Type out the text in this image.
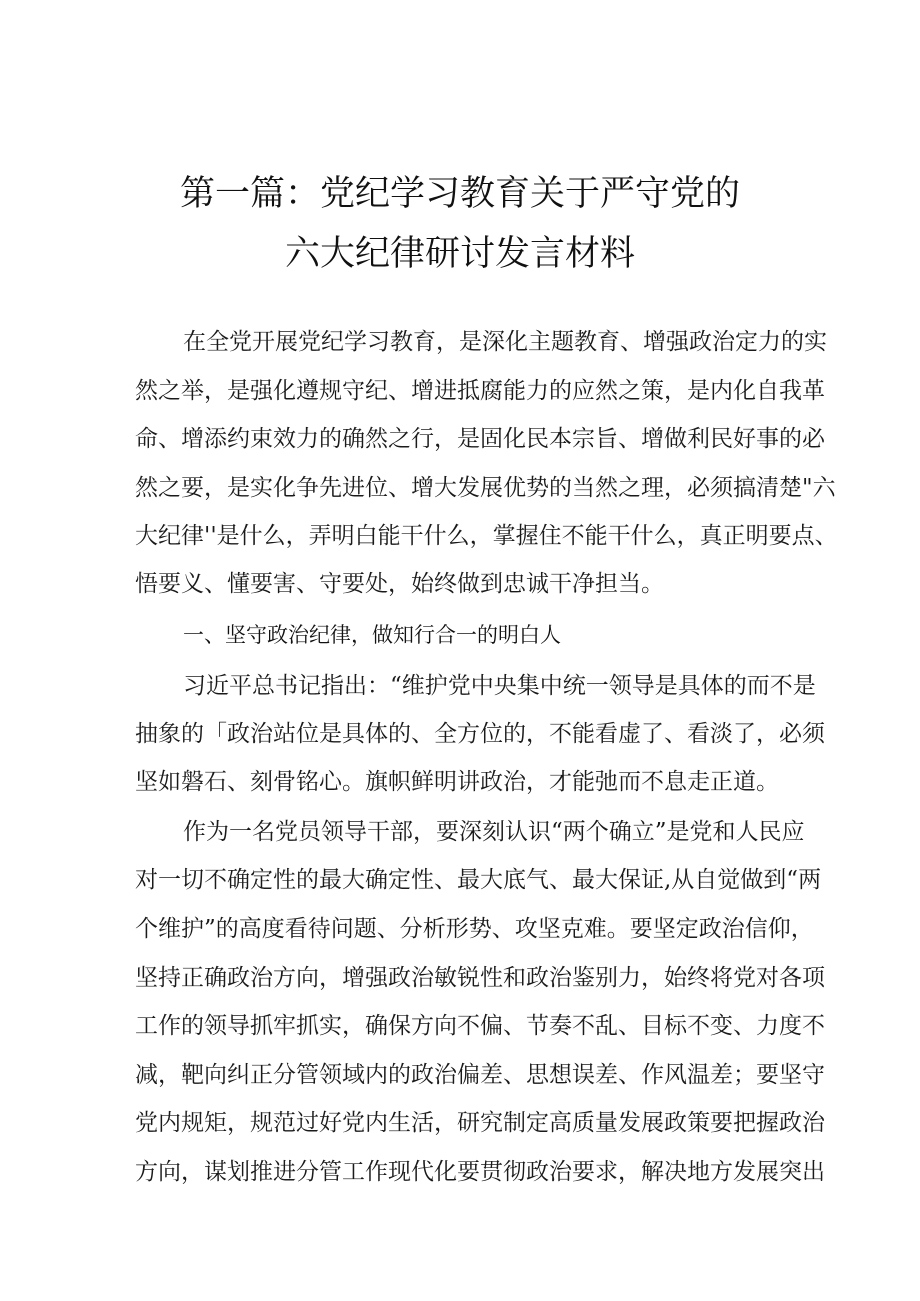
第一篇：党纪学习教育关于严守党的
六大纪律研讨发言材料
在全党开展党纪学习教育，是深化主题教育、增强政治定力的实
然之举，是强化遵规守纪、增进抵腐能力的应然之策，是内化自我革
命、增添约束效力的确然之行，是固化民本宗旨、增做利民好事的必
然之要，是实化争先进位、增大发展优势的当然之理，必须搞清楚"六
大纪律''是什么，弄明白能干什么，掌握住不能干什么，真正明要点、
悟要义、懂要害、守要处，始终做到忠诚干净担当。
一、坚守政治纪律，做知行合一的明白人
习近平总书记指出：“维护党中央集中统一领导是具体的而不是
抽象的「政治站位是具体的、全方位的，不能看虚了、看淡了，必须
坚如磐石、刻骨铭心。旗帜鲜明讲政治，才能弛而不息走正道。
作为一名党员领导干部，要深刻认识“两个确立”是党和人民应
对一切不确定性的最大确定性、最大底气、最大保证,从自觉做到“两
个维护”的高度看待问题、分析形势、攻坚克难。要坚定政治信仰，
坚持正确政治方向，增强政治敏锐性和政治鉴别力，始终将党对各项
工作的领导抓牢抓实，确保方向不偏、节奏不乱、目标不变、力度不
减，靶向纠正分管领域内的政治偏差、思想误差、作风温差；要坚守
党内规矩，规范过好党内生活，研究制定高质量发展政策要把握政治
方向，谋划推进分管工作现代化要贯彻政治要求，解决地方发展突出
